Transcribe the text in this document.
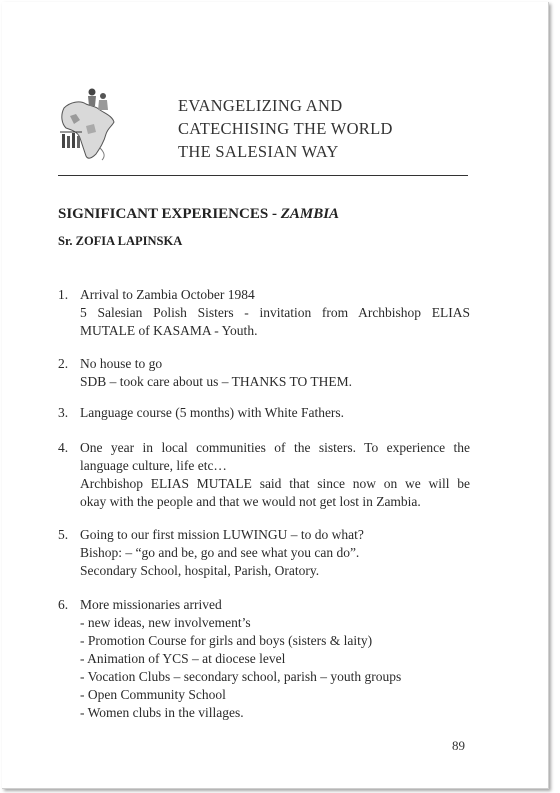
EVANGELIZING AND
CATECHISING THE WORLD
THE SALESIAN WAY
SIGNIFICANT EXPERIENCES - ZAMBIA
Sr. ZOFIA LAPINSKA
1. Arrival to Zambia October 1984
5 Salesian Polish Sisters - invitation from Archbishop ELIAS
MUTALE of KASAMA - Youth.
2. No house to go
SDB – took care about us – THANKS TO THEM.
3. Language course (5 months) with White Fathers.
4. One year in local communities of the sisters. To experience the
language culture, life etc…
Archbishop ELIAS MUTALE said that since now on we will be
okay with the people and that we would not get lost in Zambia.
5. Going to our first mission LUWINGU – to do what?
Bishop: – “go and be, go and see what you can do”.
Secondary School, hospital, Parish, Oratory.
6. More missionaries arrived
- new ideas, new involvement’s
- Promotion Course for girls and boys (sisters & laity)
- Animation of YCS – at diocese level
- Vocation Clubs – secondary school, parish – youth groups
- Open Community School
- Women clubs in the villages.
89
